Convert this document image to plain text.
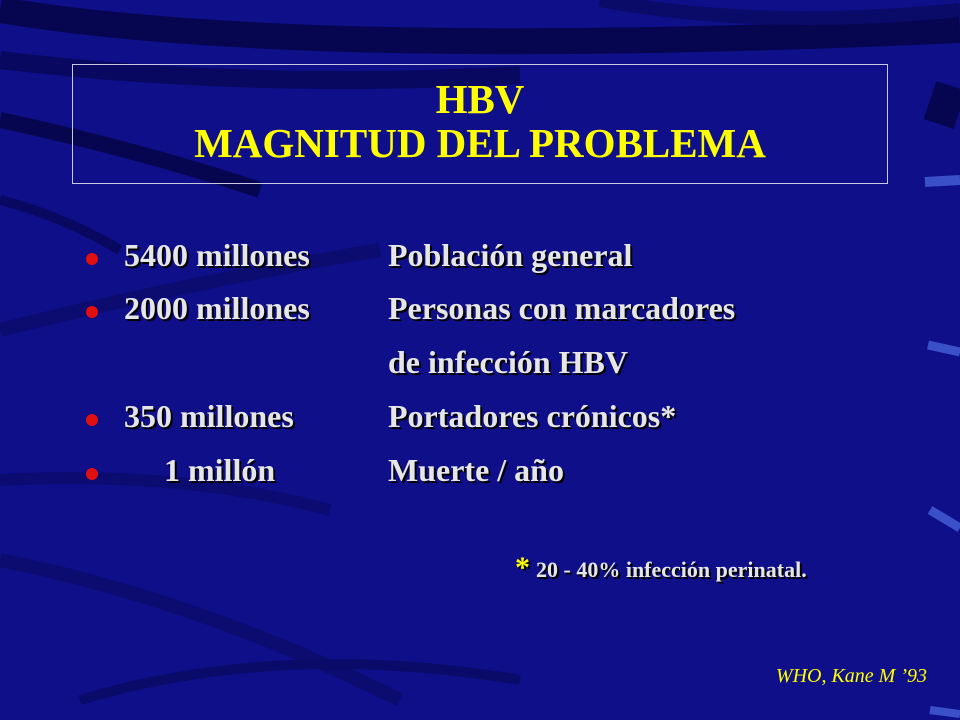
HBV
MAGNITUD DEL PROBLEMA
5400 millones Población general
2000 millones Personas con marcadores
de infección HBV
350 millones	Portadores crónicos*
1 millón	Muerte / año
* 20 - 40% infección perinatal.
WHO, Kane M ’93
